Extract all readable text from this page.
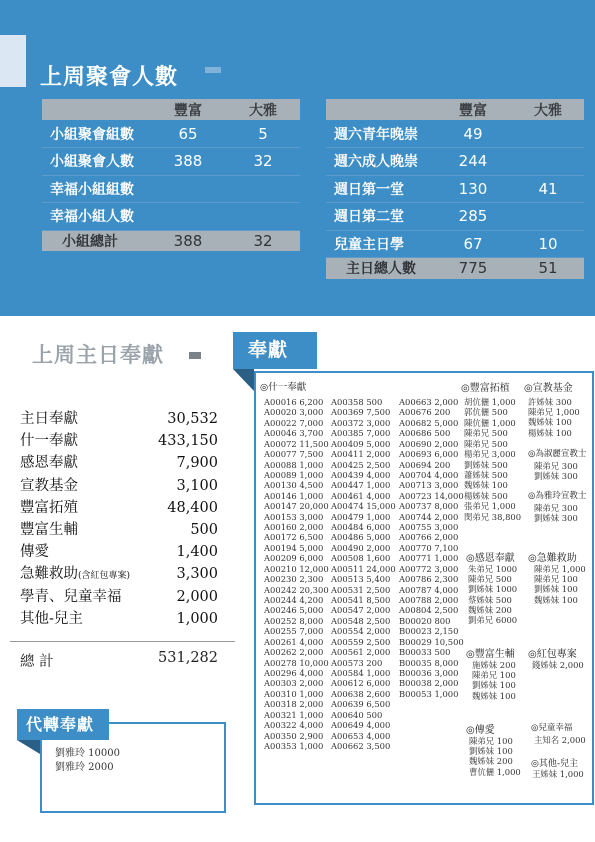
上周聚會人數
	豐富	大雅
小組聚會組數	65	5
小組聚會人數	388	32
幸福小組組數		
幸福小組人數		
小組總計	388	32
	豐富	大雅
週六青年晚崇	49	
週六成人晚崇	244	
週日第一堂	130	41
週日第二堂	285	
兒童主日學	67	10
主日總人數	775	51
上周主日奉獻
主日奉獻	30,532
什一奉獻	433,150
感恩奉獻	7,900
宣教基金	3,100
豐富拓殖	48,400
豐富生輔	500
傳愛	1,400
急難救助(含紅包專案)	3,300
學青、兒童幸福	2,000
其他-兒主	1,000
總 計	531,282
代轉奉獻
劉雅玲 10000
劉雅玲 2000
◎什一奉獻
A00016 6,200
A00020 3,000
A00022 7,000
A00046 3,700
A00072 11,500
A00077 7,500
A00088 1,000
A00089 1,000
A00130 4,500
A00146 1,000
A00147 20,000
A00153 3,000
A00160 2,000
A00172 6,500
A00194 5,000
A00209 6,000
A00210 12,000
A00230 2,300
A00242 20,300
A00244 4,200
A00246 5,000
A00252 8,000
A00255 7,000
A00261 4,000
A00262 2,000
A00278 10,000
A00296 4,000
A00303 2,000
A00310 1,000
A00318 2,000
A00321 1,000
A00322 4,000
A00350 2,900
A00353 1,000
A00358 500
A00369 7,500
A00372 3,000
A00385 7,000
A00409 5,000
A00411 2,000
A00425 2,500
A00439 4,000
A00447 1,000
A00461 4,000
A00474 15,000
A00479 1,000
A00484 6,000
A00486 5,000
A00490 2,000
A00508 1,600
A00511 24,000
A00513 5,400
A00531 2,500
A00541 8,500
A00547 2,000
A00548 2,500
A00554 2,000
A00559 2,500
A00561 2,000
A00573 200
A00584 1,000
A00612 6,000
A00638 2,600
A00639 6,500
A00640 500
A00649 4,000
A00653 4,000
A00662 3,500
A00663 2,000
A00676 200
A00682 5,000
A00686 500
A00690 2,000
A00693 6,000
A00694 200
A00704 4,000
A00713 3,000
A00723 14,000
A00737 8,000
A00744 2,000
A00755 3,000
A00766 2,000
A00770 7,100
A00771 1,000
A00772 3,000
A00786 2,300
A00787 4,000
A00788 2,000
A00804 2,500
B00020 800
B00023 2,150
B00029 10,500
B00033 500
B00035 8,000
B00036 3,000
B00038 2,000
B00053 1,000
胡伉儷 1,000
郭伉儷 500
陳伉儷 1,000
陳弟兄 500
陳弟兄 500
楊弟兄 3,000
劉姊妹 500
蕭姊妹 500
魏姊妹 100
楊姊妹 500
張弟兄 1,000
閔弟兄 38,800
◎豐富拓植 ◎宣教基金
許姊妹 300
陳弟兄 1,000
魏姊妹 100
楊姊妹 100
◎為淑麗宣教士
陳弟兄 300
劉姊妹 300
◎為雅玲宣教士
陳弟兄 300
劉姊妹 300
◎感恩奉獻
朱弟兄 1000
陳弟兄 500
劉姊妹 1000
蔡姊妹 500
魏姊妹 200
劉弟兄 6000
◎急難救助
陳弟兄 1,000
陳弟兄 100
劉姊妹 100
魏姊妹 100
◎豐富生輔
施姊妹 200
陳弟兄 100
劉姊妹 100
魏姊妹 100
◎紅包專案
錢姊妹 2,000
◎傳愛
陳弟兄 100
劉姊妹 100
魏姊妹 200
曹伉儷 1,000
◎兒童幸福
主知名 2,000
◎其他-兒主
王姊妹 1,000
奉獻
